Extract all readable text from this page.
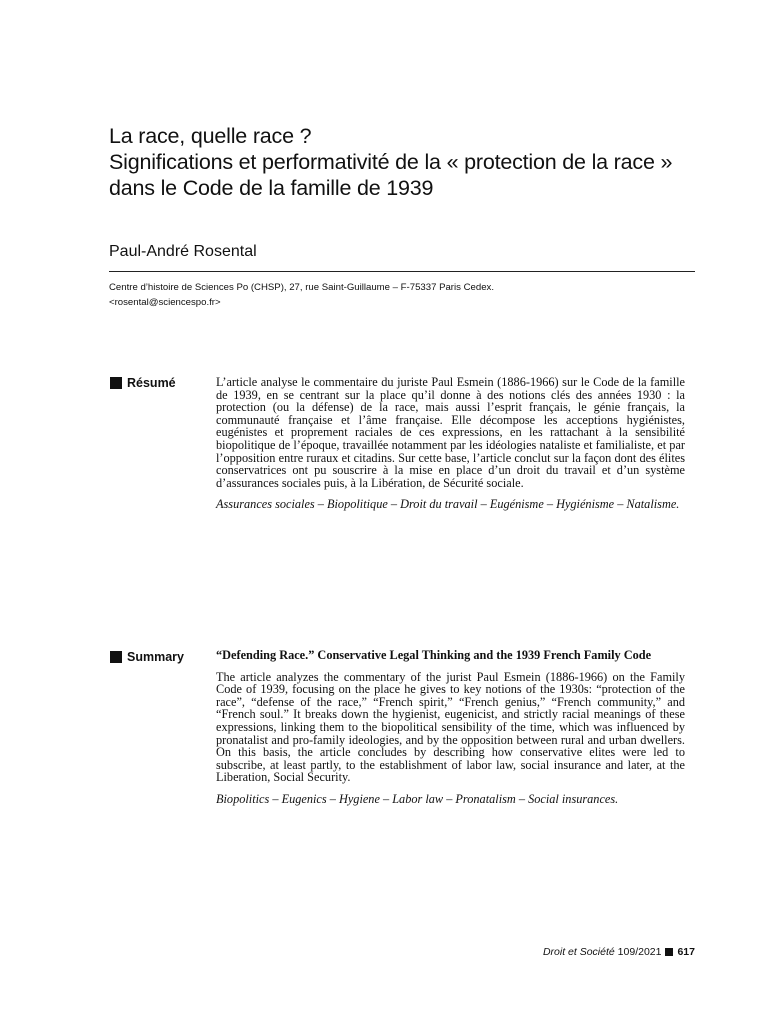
La race, quelle race ?
Significations et performativité de la « protection de la race »
dans le Code de la famille de 1939
Paul-André Rosental
Centre d’histoire de Sciences Po (CHSP), 27, rue Saint-Guillaume – F-75337 Paris Cedex.
<rosental@sciencespo.fr>
Résumé	L’article analyse le commentaire du juriste Paul Esmein (1886-1966) sur le Code de la famille de 1939, en se centrant sur la place qu’il donne à des notions clés des années 1930 : la protection (ou la défense) de la race, mais aussi l’esprit français, le génie français, la communauté française et l’âme française. Elle décompose les acceptions hygiénistes, eugénistes et proprement raciales de ces expressions, en les rattachant à la sensibilité biopolitique de l’époque, travaillée notamment par les idéologies nataliste et familialiste, et par l’opposition entre ruraux et citadins. Sur cette base, l’article conclut sur la façon dont des élites conservatrices ont pu souscrire à la mise en place d’un droit du travail et d’un système d’assurances sociales puis, à la Libération, de Sécurité sociale.

Assurances sociales – Biopolitique – Droit du travail – Eugénisme – Hygiénisme – Natalisme.

Summary	“Defending Race.” Conservative Legal Thinking and the 1939 French Family Code

The article analyzes the commentary of the jurist Paul Esmein (1886-1966) on the Family Code of 1939, focusing on the place he gives to key notions of the 1930s: “protection of the race”, “defense of the race,” “French spirit,” “French genius,” “French community,” and “French soul.” It breaks down the hygienist, eugenicist, and strictly racial meanings of these expressions, linking them to the biopolitical sensibility of the time, which was influenced by pronatalist and pro-family ideologies, and by the opposition between rural and urban dwellers. On this basis, the article concludes by describing how conservative elites were led to subscribe, at least partly, to the establishment of labor law, social insurance and later, at the Liberation, Social Security.

Biopolitics – Eugenics – Hygiene – Labor law – Pronatalism – Social insurances.

Droit et Société
109/2021 617
